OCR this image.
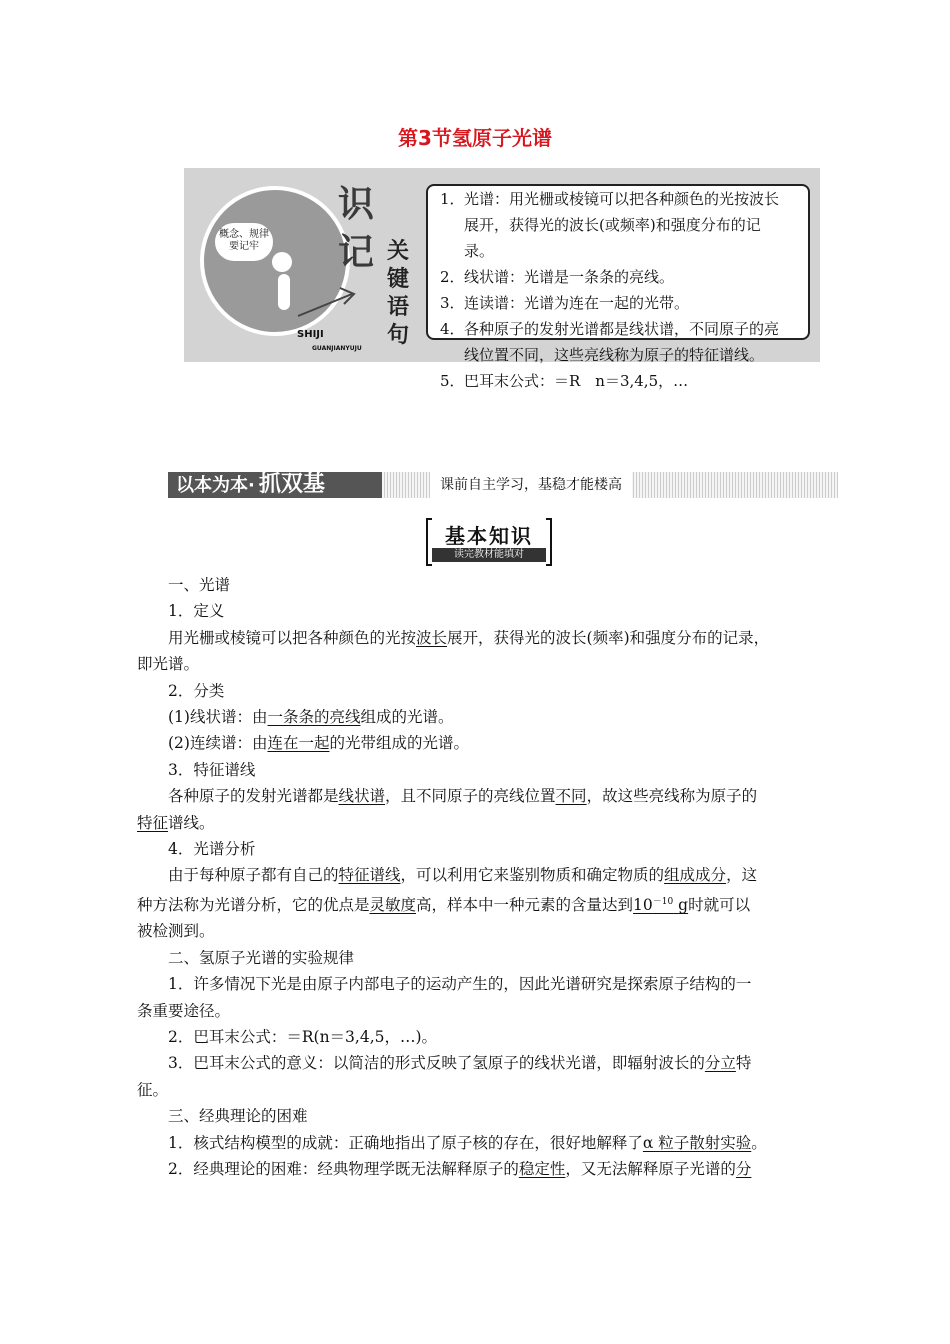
第3节氢原子光谱
概念、规律
要记牢
SHIJI
GUANJIANYUJU
识
记 关
键
语
句
1．光谱：用光栅或棱镜可以把各种颜色的光按波长
展开，获得光的波长(或频率)和强度分布的记
录。
2．线状谱：光谱是一条条的亮线。
3．连读谱：光谱为连在一起的光带。
4．各种原子的发射光谱都是线状谱，不同原子的亮
线位置不同，这些亮线称为原子的特征谱线。
5．巴耳末公式：＝R　n＝3,4,5，…
以本为本· 抓双基	课前自主学习，基稳才能楼高
基本知识
读完教材能填对

一、光谱

1．定义

用光栅或棱镜可以把各种颜色的光按波长展开，获得光的波长(频率)和强度分布的记录，

即光谱。

2．分类

(1)线状谱：由一条条的亮线组成的光谱。

(2)连续谱：由连在一起的光带组成的光谱。

3．特征谱线

各种原子的发射光谱都是线状谱，且不同原子的亮线位置不同，故这些亮线称为原子的

特征谱线。

4．光谱分析

由于每种原子都有自己的特征谱线，可以利用它来鉴别物质和确定物质的组成成分，这

种方法称为光谱分析，它的优点是灵敏度高，样本中一种元素的含量达到$10^{-10}$ g时就可以

被检测到。

二、氢原子光谱的实验规律

1．许多情况下光是由原子内部电子的运动产生的，因此光谱研究是探索原子结构的一

条重要途径。

2．巴耳末公式：＝R(n＝3,4,5，…)。

3．巴耳末公式的意义：以简洁的形式反映了氢原子的线状光谱，即辐射波长的分立特

征。

三、经典理论的困难

1．核式结构模型的成就：正确地指出了原子核的存在，很好地解释了α 粒子散射实验。

2．经典理论的困难：经典物理学既无法解释原子的稳定性，又无法解释原子光谱的分
